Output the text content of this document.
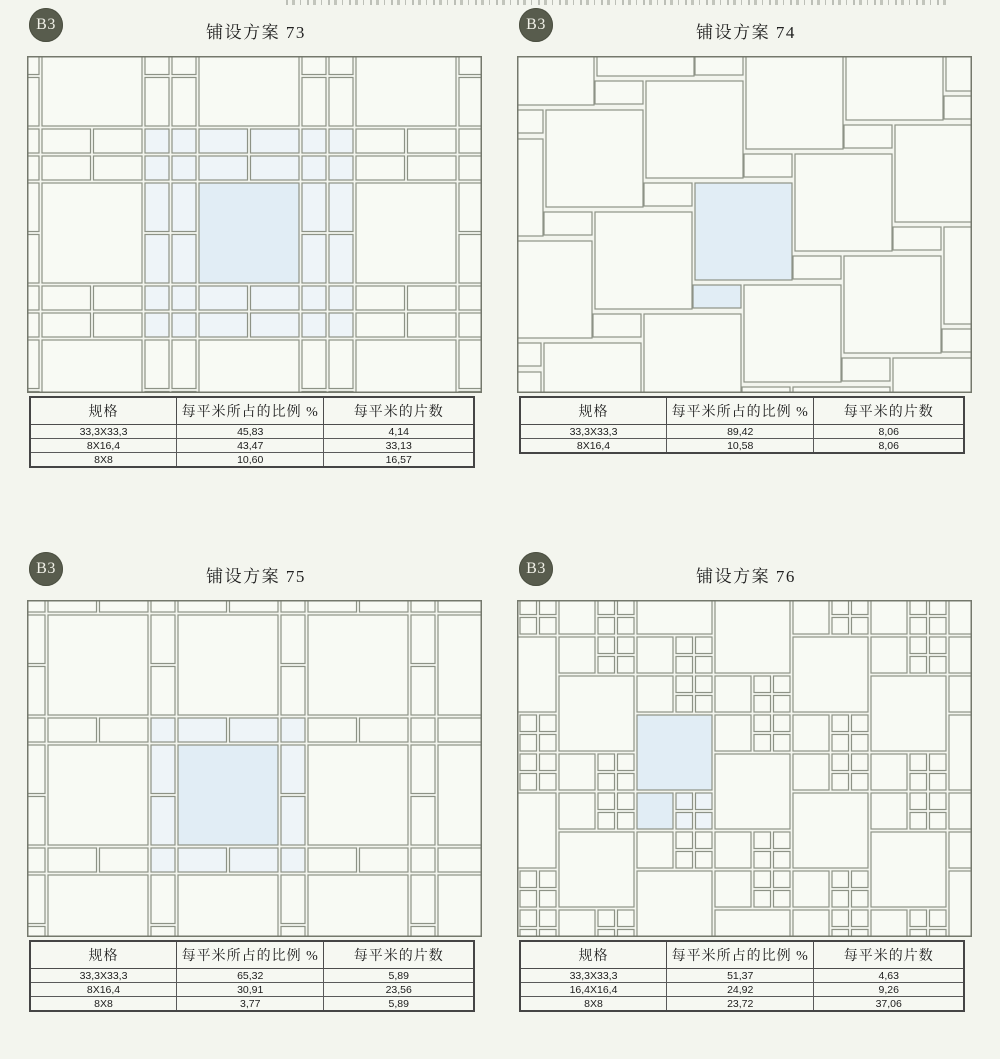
B3	铺设方案 73
规格	每平米所占的比例 %	每平米的片数
33,3X33,3	45,83	4,14
8X16,4	43,47	33,13
8X8	10,60	16,57
B3	铺设方案 74
规格	每平米所占的比例 %	每平米的片数
33,3X33,3	89,42	8,06
8X16,4	10,58	8,06
B3	铺设方案 75
规格	每平米所占的比例 %	每平米的片数
33,3X33,3	65,32	5,89
8X16,4	30,91	23,56
8X8	3,77	5,89
B3	铺设方案 76
规格	每平米所占的比例 %	每平米的片数
33,3X33,3	51,37	4,63
16,4X16,4	24,92	9,26
8X8	23,72	37,06
